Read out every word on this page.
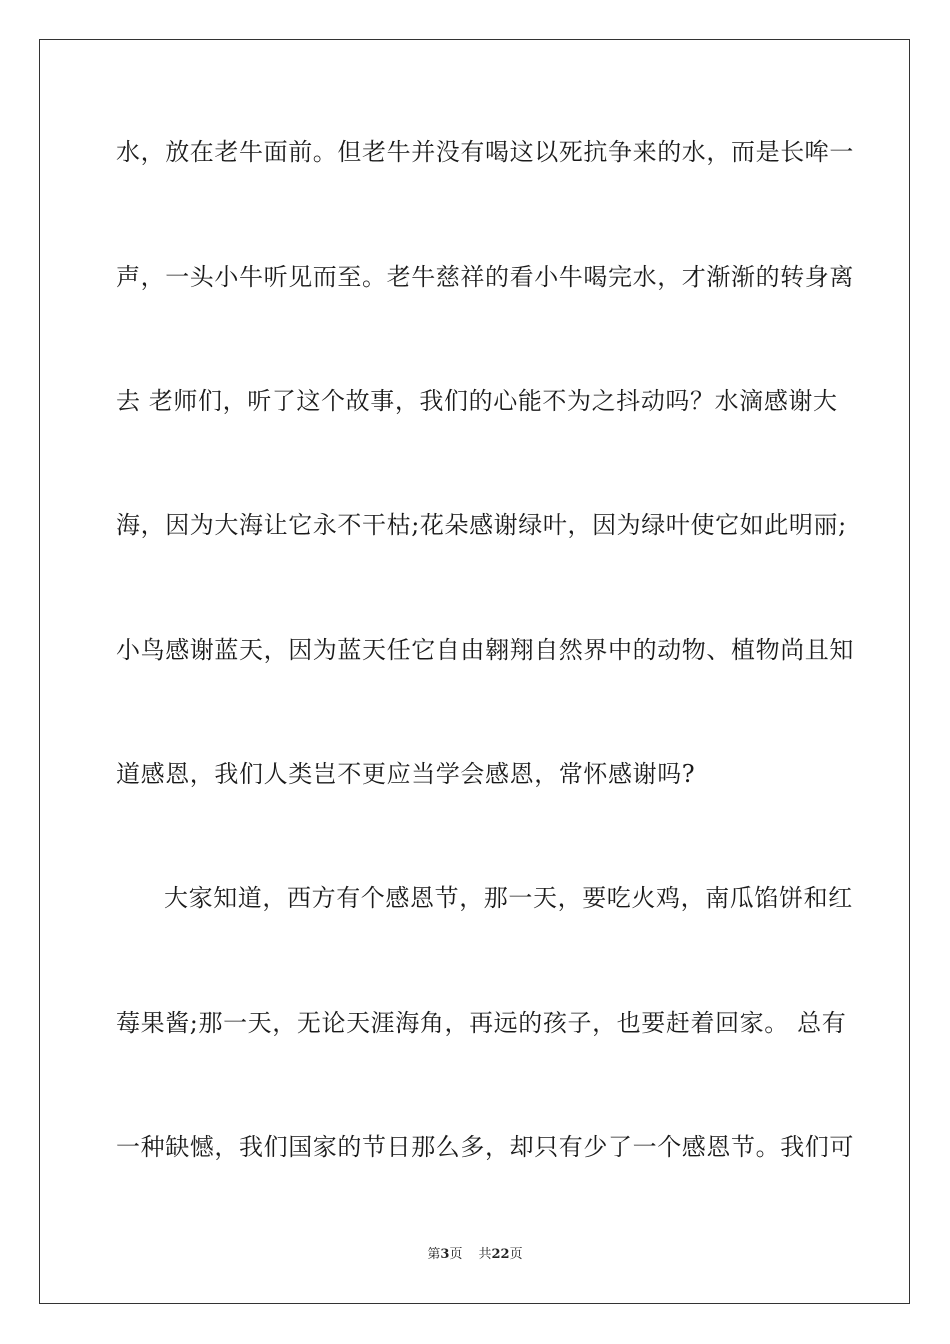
水，放在老牛面前。但老牛并没有喝这以死抗争来的水，而是长哞一
声，一头小牛听见而至。老牛慈祥的看小牛喝完水，才渐渐的转身离
去 老师们，听了这个故事，我们的心能不为之抖动吗？水滴感谢大
海，因为大海让它永不干枯;花朵感谢绿叶，因为绿叶使它如此明丽;
小鸟感谢蓝天，因为蓝天任它自由翱翔自然界中的动物、植物尚且知
道感恩，我们人类岂不更应当学会感恩，常怀感谢吗?
大家知道，西方有个感恩节，那一天，要吃火鸡，南瓜馅饼和红
莓果酱;那一天，无论天涯海角，再远的孩子，也要赶着回家。 总有
一种缺憾，我们国家的节日那么多，却只有少了一个感恩节。我们可
第3页 共22页
